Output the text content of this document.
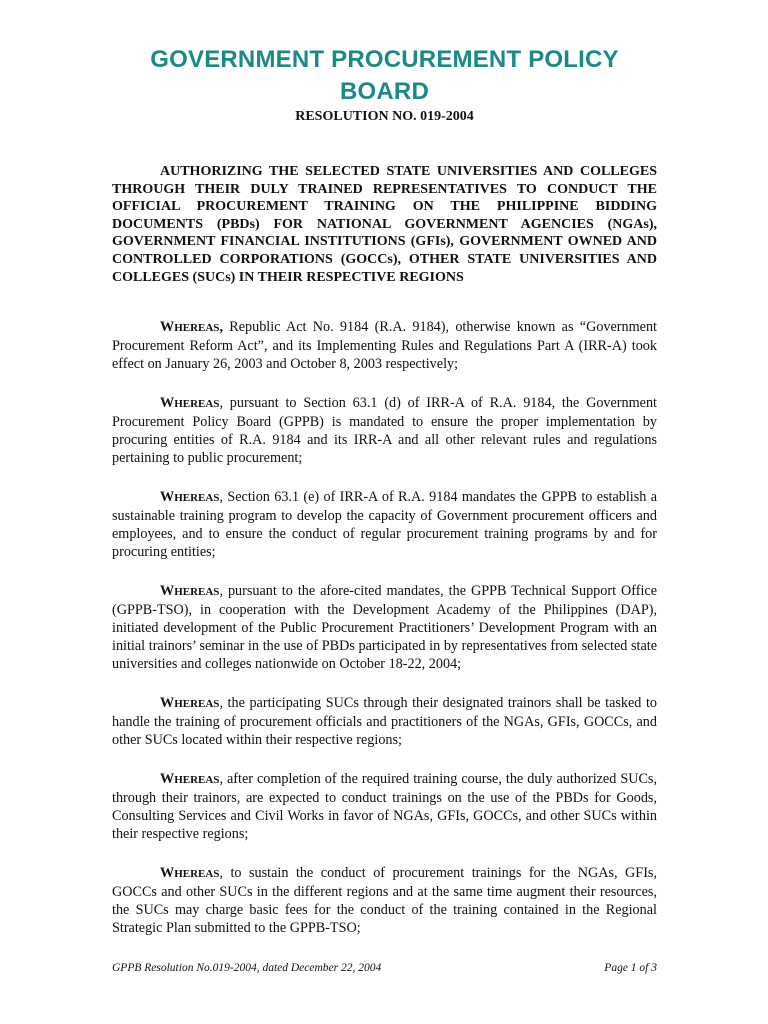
GOVERNMENT PROCUREMENT POLICY BOARD

RESOLUTION NO. 019-2004

AUTHORIZING THE SELECTED STATE UNIVERSITIES AND COLLEGES THROUGH THEIR DULY TRAINED REPRESENTATIVES TO CONDUCT THE OFFICIAL PROCUREMENT TRAINING ON THE PHILIPPINE BIDDING DOCUMENTS (PBDs) FOR NATIONAL GOVERNMENT AGENCIES (NGAs), GOVERNMENT FINANCIAL INSTITUTIONS (GFIs), GOVERNMENT OWNED AND CONTROLLED CORPORATIONS (GOCCs), OTHER STATE UNIVERSITIES AND COLLEGES (SUCs) IN THEIR RESPECTIVE REGIONS

WHEREAS, Republic Act No. 9184 (R.A. 9184), otherwise known as “Government Procurement Reform Act”, and its Implementing Rules and Regulations Part A (IRR-A) took effect on January 26, 2003 and October 8, 2003 respectively;

WHEREAS, pursuant to Section 63.1 (d) of IRR-A of R.A. 9184, the Government Procurement Policy Board (GPPB) is mandated to ensure the proper implementation by procuring entities of R.A. 9184 and its IRR-A and all other relevant rules and regulations pertaining to public procurement;

WHEREAS, Section 63.1 (e) of IRR-A of R.A. 9184 mandates the GPPB to establish a sustainable training program to develop the capacity of Government procurement officers and employees, and to ensure the conduct of regular procurement training programs by and for procuring entities;

WHEREAS, pursuant to the afore-cited mandates, the GPPB Technical Support Office (GPPB-TSO), in cooperation with the Development Academy of the Philippines (DAP), initiated development of the Public Procurement Practitioners’ Development Program with an initial trainors’ seminar in the use of PBDs participated in by representatives from selected state universities and colleges nationwide on October 18-22, 2004;

WHEREAS, the participating SUCs through their designated trainors shall be tasked to handle the training of procurement officials and practitioners of the NGAs, GFIs, GOCCs, and other SUCs located within their respective regions;

WHEREAS, after completion of the required training course, the duly authorized SUCs, through their trainors, are expected to conduct trainings on the use of the PBDs for Goods, Consulting Services and Civil Works in favor of NGAs, GFIs, GOCCs, and other SUCs within their respective regions;

WHEREAS, to sustain the conduct of procurement trainings for the NGAs, GFIs, GOCCs and other SUCs in the different regions and at the same time augment their resources, the SUCs may charge basic fees for the conduct of the training contained in the Regional Strategic Plan submitted to the GPPB-TSO;

GPPB Resolution No.019-2004, dated December 22, 2004	Page 1 of 3
